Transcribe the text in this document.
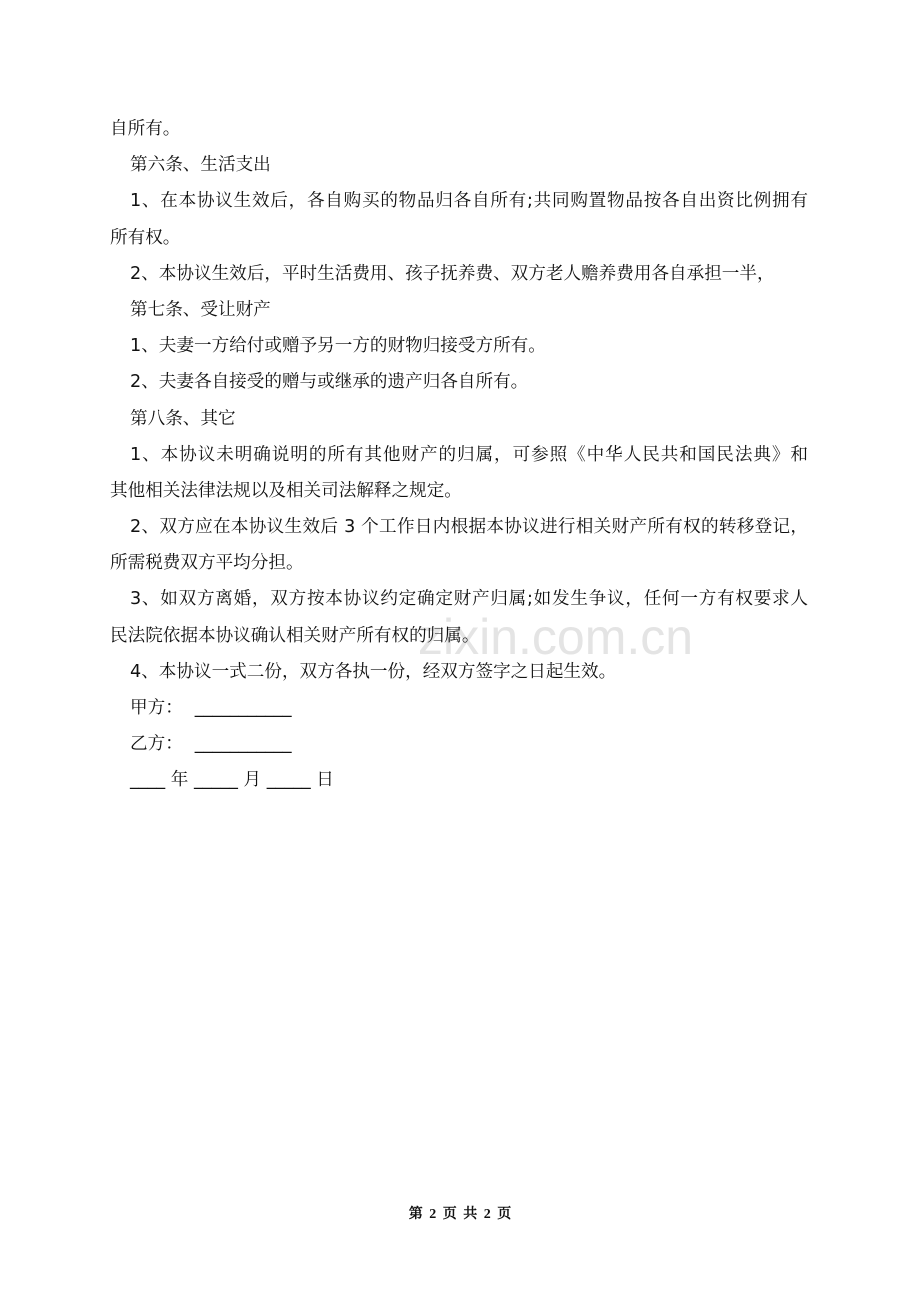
zixin.com.cn
自所有。
第六条、生活支出
1、在本协议生效后，各自购买的物品归各自所有;共同购置物品按各自出资比例拥有
所有权。
2、本协议生效后，平时生活费用、孩子抚养费、双方老人赡养费用各自承担一半，
第七条、受让财产
1、夫妻一方给付或赠予另一方的财物归接受方所有。
2、夫妻各自接受的赠与或继承的遗产归各自所有。
第八条、其它
1、本协议未明确说明的所有其他财产的归属，可参照《中华人民共和国民法典》和
其他相关法律法规以及相关司法解释之规定。
2、双方应在本协议生效后 3 个工作日内根据本协议进行相关财产所有权的转移登记，
所需税费双方平均分担。
3、如双方离婚，双方按本协议约定确定财产归属;如发生争议，任何一方有权要求人
民法院依据本协议确认相关财产所有权的归属。
4、本协议一式二份，双方各执一份，经双方签字之日起生效。
甲方： ___________
乙方： ___________
____ 年 _____ 月 _____ 日
第 2 页 共 2 页
